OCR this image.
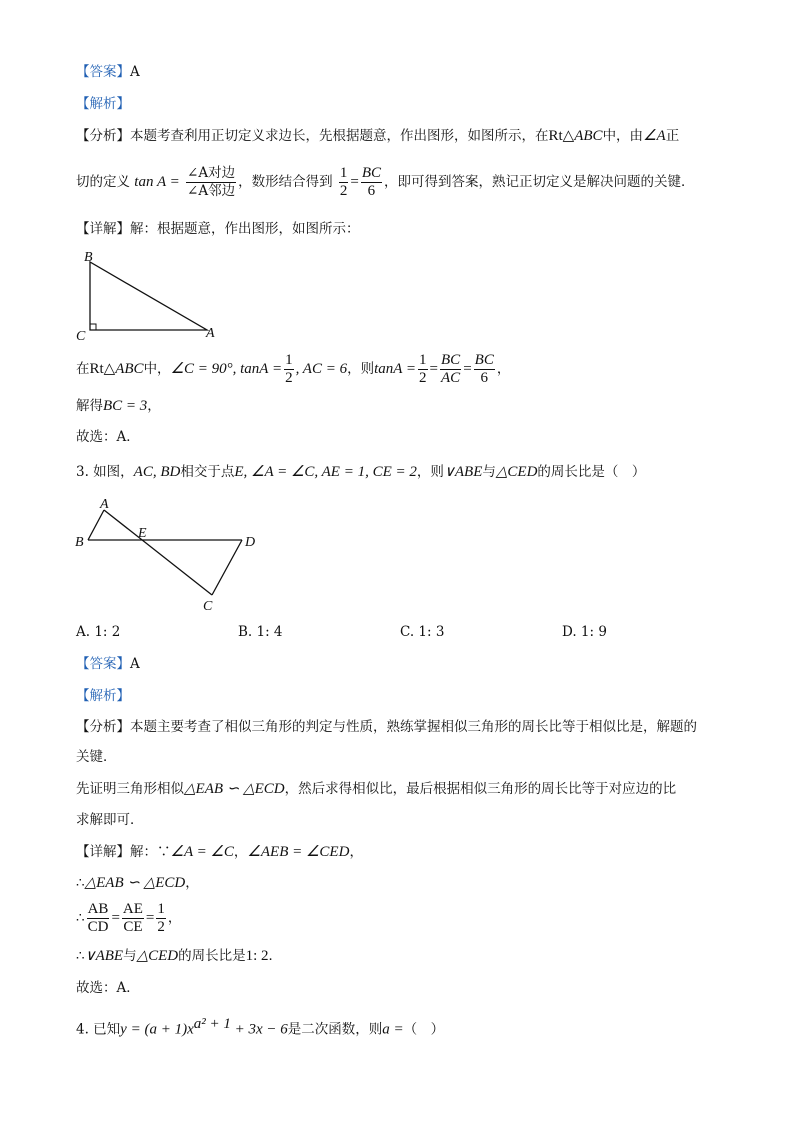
【答案】A
【解析】
【分析】本题考查利用正切定义求边长，先根据题意，作出图形，如图所示，在Rt△ABC中，由∠A正
切的定义 $\tan A = \frac{\text{∠A对边}}{\text{∠A邻边}}$ ，数形结合得到 $\frac{1}{2} = \frac{BC}{6}$ ，即可得到答案，熟记正切定义是解决问题的关键．
【详解】解：根据题意，作出图形，如图所示：
B
C	A
在Rt△ABC中，∠C = 90°, $\tan A = \frac{1}{2}$ , AC = 6，则$\tan A = \frac{1}{2} = \frac{BC}{AC} = \frac{BC}{6}$ ，
解得BC = 3，
故选：A．
3. 如图，AC, BD相交于点E, ∠A = ∠C, AE = 1, CE = 2，则∨ABE与△CED的周长比是（　）
A
B
E
D
C
A. 1: 2	B. 1: 4	C. 1: 3	D. 1: 9
【答案】A
【解析】
【分析】本题主要考查了相似三角形的判定与性质，熟练掌握相似三角形的周长比等于相似比是，解题的
关键．
先证明三角形相似△EAB ∽ △ECD，然后求得相似比，最后根据相似三角形的周长比等于对应边的比
求解即可．
【详解】解：∵∠A = ∠C，∠AEB = ∠CED，
∴△EAB ∽ △ECD，
∴ $\frac{AB}{CD} = \frac{AE}{CE} = \frac{1}{2}$ ，
∴∨ABE与△CED的周长比是1: 2．
故选：A．
4. 已知$y = (a + 1)x^{a^2 + 1} + 3x - 6$是二次函数，则a =（　）
